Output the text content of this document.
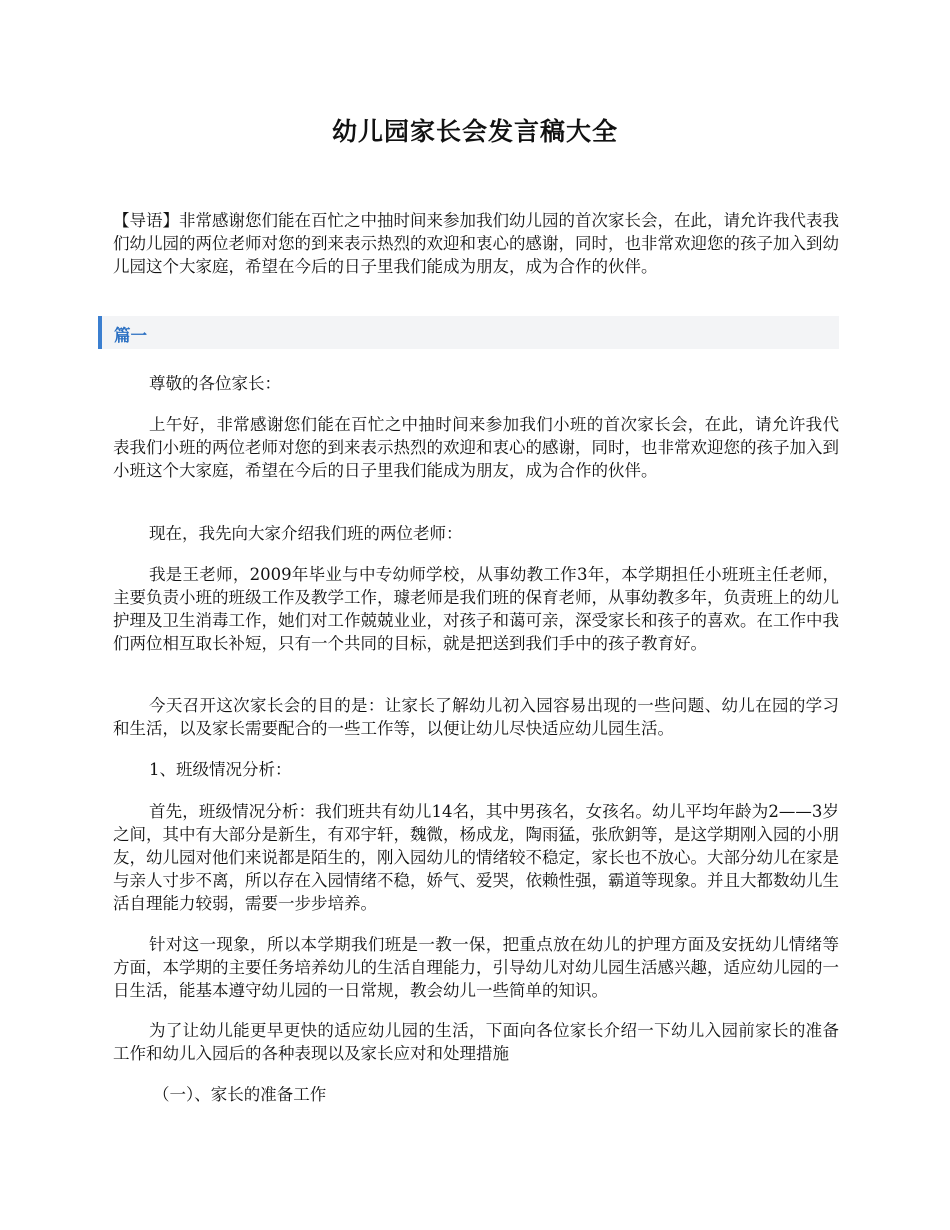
幼儿园家长会发言稿大全

【导语】非常感谢您们能在百忙之中抽时间来参加我们幼儿园的首次家长会，在此，请允许我代表我们幼儿园的两位老师对您的到来表示热烈的欢迎和衷心的感谢，同时，也非常欢迎您的孩子加入到幼儿园这个大家庭，希望在今后的日子里我们能成为朋友，成为合作的伙伴。

篇一

尊敬的各位家长：

上午好，非常感谢您们能在百忙之中抽时间来参加我们小班的首次家长会，在此，请允许我代表我们小班的两位老师对您的到来表示热烈的欢迎和衷心的感谢，同时，也非常欢迎您的孩子加入到小班这个大家庭，希望在今后的日子里我们能成为朋友，成为合作的伙伴。

现在，我先向大家介绍我们班的两位老师：

我是王老师，2009年毕业与中专幼师学校，从事幼教工作3年，本学期担任小班班主任老师，主要负责小班的班级工作及教学工作，璩老师是我们班的保育老师，从事幼教多年，负责班上的幼儿护理及卫生消毒工作，她们对工作兢兢业业，对孩子和蔼可亲，深受家长和孩子的喜欢。在工作中我们两位相互取长补短，只有一个共同的目标，就是把送到我们手中的孩子教育好。

今天召开这次家长会的目的是：让家长了解幼儿初入园容易出现的一些问题、幼儿在园的学习和生活，以及家长需要配合的一些工作等，以便让幼儿尽快适应幼儿园生活。

1、班级情况分析：

首先，班级情况分析：我们班共有幼儿14名，其中男孩名，女孩名。幼儿平均年龄为2——3岁之间，其中有大部分是新生，有邓宇轩，魏微，杨成龙，陶雨猛，张欣鈅等，是这学期刚入园的小朋友，幼儿园对他们来说都是陌生的，刚入园幼儿的情绪较不稳定，家长也不放心。大部分幼儿在家是与亲人寸步不离，所以存在入园情绪不稳，娇气、爱哭，依赖性强，霸道等现象。并且大都数幼儿生活自理能力较弱，需要一步步培养。

针对这一现象，所以本学期我们班是一教一保，把重点放在幼儿的护理方面及安抚幼儿情绪等方面，本学期的主要任务培养幼儿的生活自理能力，引导幼儿对幼儿园生活感兴趣，适应幼儿园的一日生活，能基本遵守幼儿园的一日常规，教会幼儿一些简单的知识。

为了让幼儿能更早更快的适应幼儿园的生活，下面向各位家长介绍一下幼儿入园前家长的准备工作和幼儿入园后的各种表现以及家长应对和处理措施

（一）、家长的准备工作
